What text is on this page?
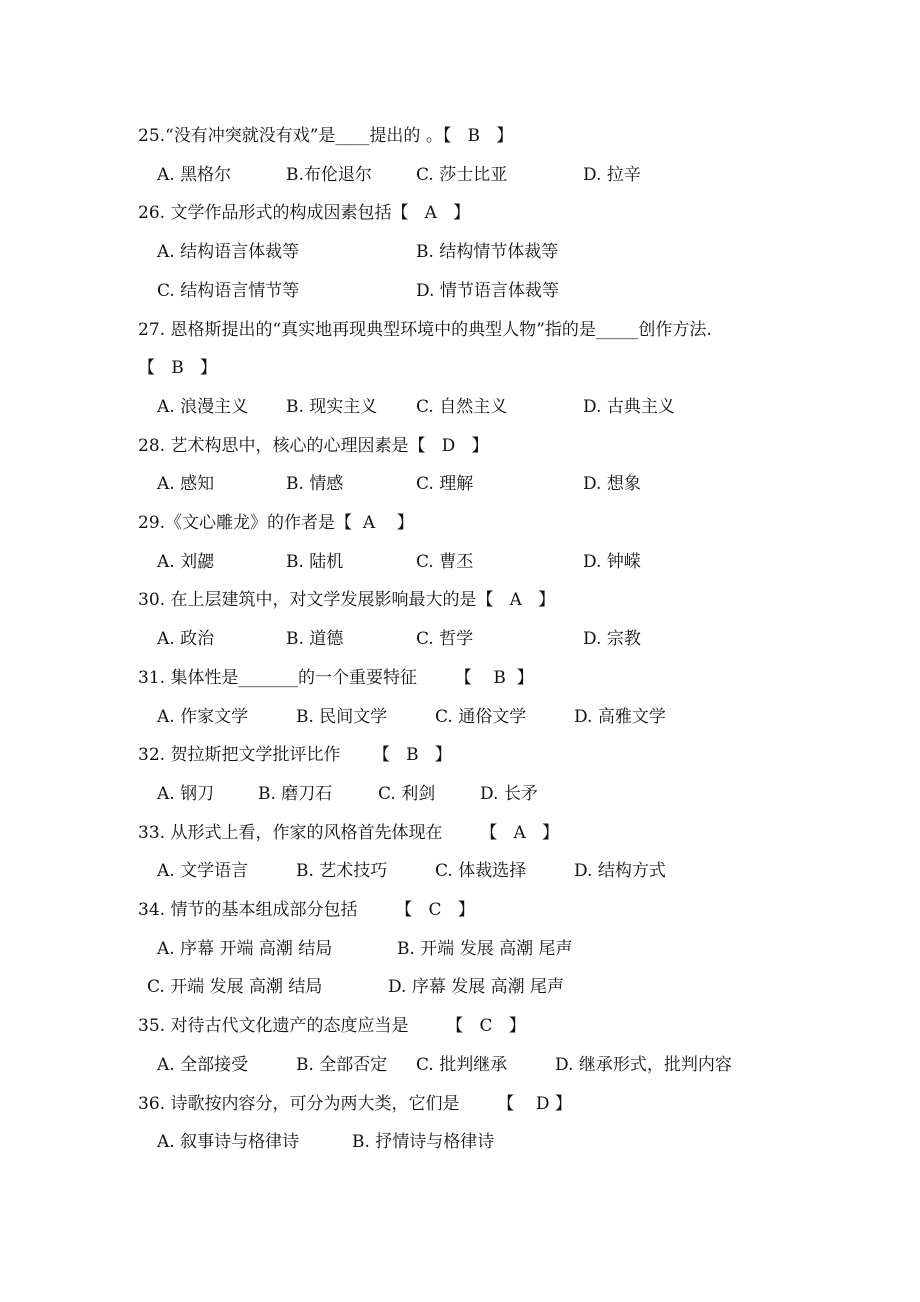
25.“没有冲突就没有戏”是____提出的 。【   B   】
A. 黑格尔	B.布伦退尔	C. 莎士比亚	D. 拉辛
26. 文学作品形式的构成因素包括【   A   】
A. 结构语言体裁等	B. 结构情节体裁等
C. 结构语言情节等	D. 情节语言体裁等
27. 恩格斯提出的“真实地再现典型环境中的典型人物”指的是_____创作方法.
【   B   】
A. 浪漫主义 B. 现实主义 C. 自然主义	D. 古典主义
28. 艺术构思中，核心的心理因素是【   D   】
A. 感知	B. 情感	C. 理解	D. 想象
29.《文心雕龙》的作者是【  A    】
A. 刘勰	B. 陆机	C. 曹丕	D. 钟嵘
30. 在上层建筑中，对文学发展影响最大的是【   A   】
A. 政治	B. 道德	C. 哲学	D. 宗教
31. 集体性是_______的一个重要特征       【    B  】
A. 作家文学	B. 民间文学	C. 通俗文学	D. 高雅文学
32. 贺拉斯把文学批评比作      【   B   】
A. 钢刀	B. 磨刀石	C. 利剑	D. 长矛
33. 从形式上看，作家的风格首先体现在       【   A   】
A. 文学语言	B. 艺术技巧	C. 体裁选择	D. 结构方式
34. 情节的基本组成部分包括       【   C   】
A. 序幕 开端 高潮 结局	B. 开端 发展 高潮 尾声
C. 开端 发展 高潮 结局	D. 序幕 发展 高潮 尾声
35. 对待古代文化遗产的态度应当是       【   C   】
A. 全部接受	B. 全部否定 C. 批判继承	D. 继承形式，批判内容
36. 诗歌按内容分，可分为两大类，它们是       【    D 】
A. 叙事诗与格律诗	B. 抒情诗与格律诗
